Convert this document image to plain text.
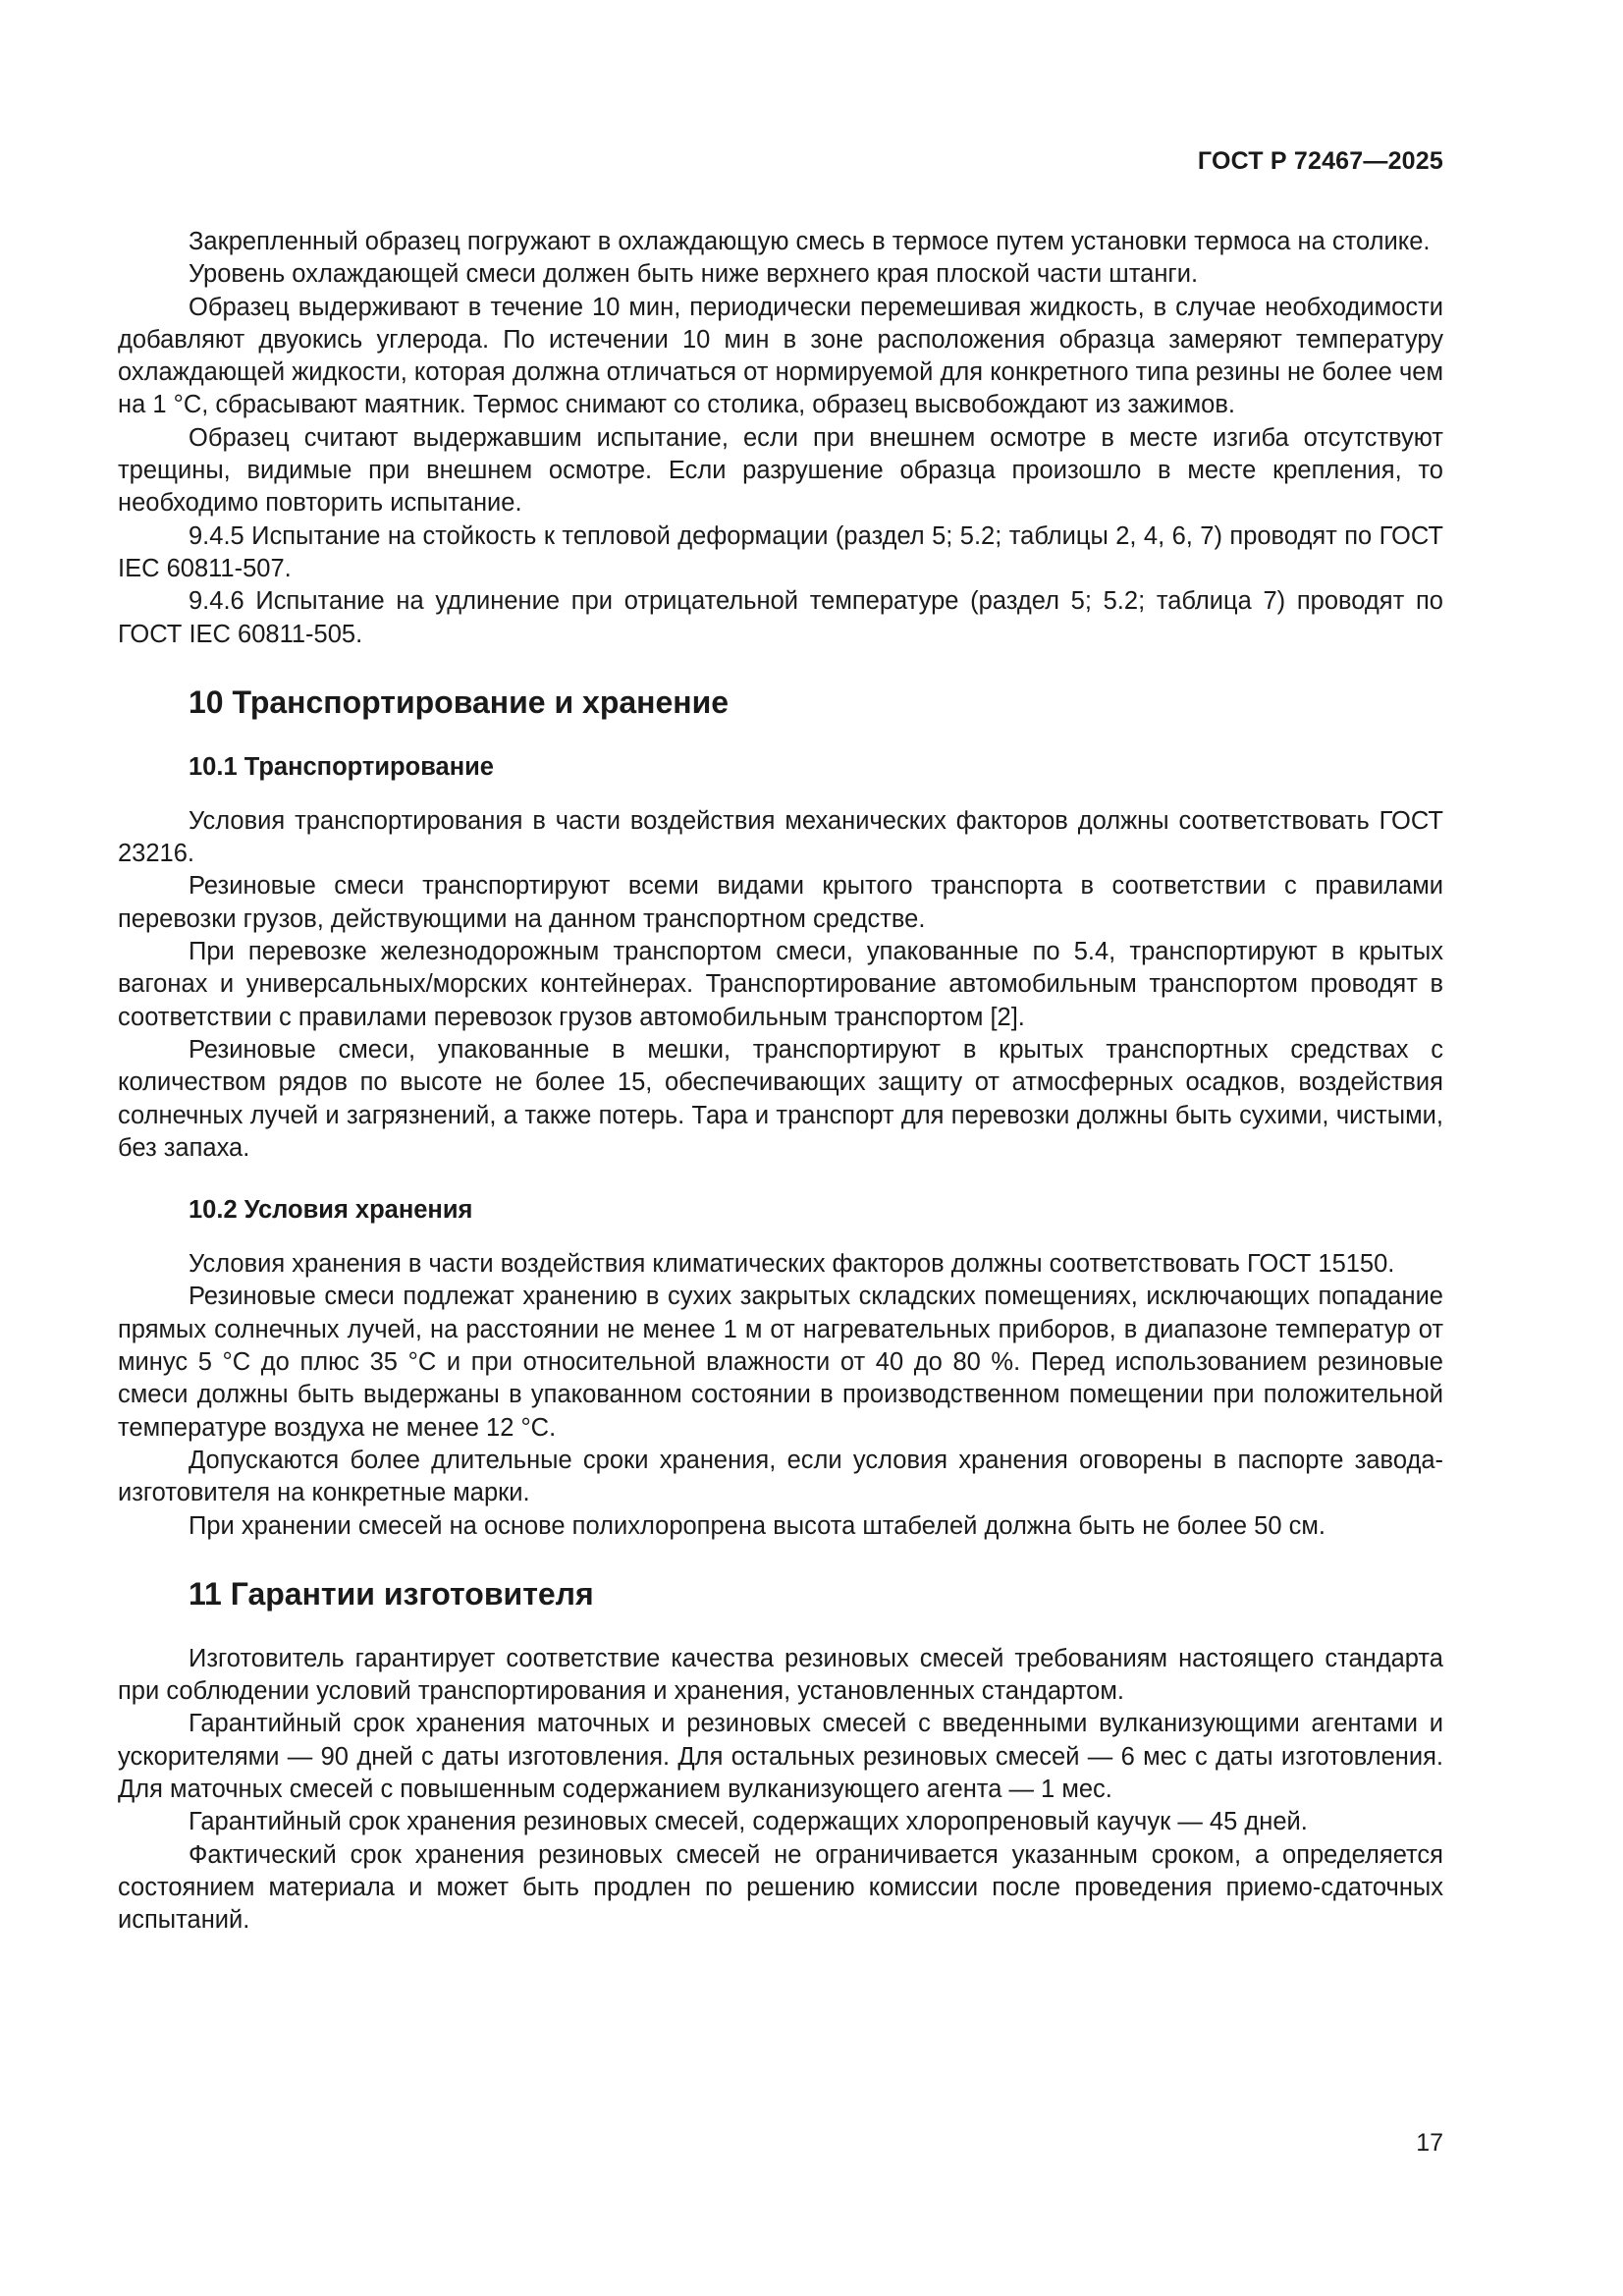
ГОСТ Р 72467—2025

Закрепленный образец погружают в охлаждающую смесь в термосе путем установки термоса на столике.

Уровень охлаждающей смеси должен быть ниже верхнего края плоской части штанги.

Образец выдерживают в течение 10 мин, периодически перемешивая жидкость, в случае необходимости добавляют двуокись углерода. По истечении 10 мин в зоне расположения образца замеряют температуру охлаждающей жидкости, которая должна отличаться от нормируемой для конкретного типа резины не более чем на 1 °C, сбрасывают маятник. Термос снимают со столика, образец высвобождают из зажимов.

Образец считают выдержавшим испытание, если при внешнем осмотре в месте изгиба отсутствуют трещины, видимые при внешнем осмотре. Если разрушение образца произошло в месте крепления, то необходимо повторить испытание.

9.4.5 Испытание на стойкость к тепловой деформации (раздел 5; 5.2; таблицы 2, 4, 6, 7) проводят по ГОСТ IEC 60811-507.

9.4.6 Испытание на удлинение при отрицательной температуре (раздел 5; 5.2; таблица 7) проводят по ГОСТ IEC 60811-505.

10 Транспортирование и хранение
10.1 Транспортирование

Условия транспортирования в части воздействия механических факторов должны соответствовать ГОСТ 23216.

Резиновые смеси транспортируют всеми видами крытого транспорта в соответствии с правилами перевозки грузов, действующими на данном транспортном средстве.

При перевозке железнодорожным транспортом смеси, упакованные по 5.4, транспортируют в крытых вагонах и универсальных/морских контейнерах. Транспортирование автомобильным транспортом проводят в соответствии с правилами перевозок грузов автомобильным транспортом [2].

Резиновые смеси, упакованные в мешки, транспортируют в крытых транспортных средствах с количеством рядов по высоте не более 15, обеспечивающих защиту от атмосферных осадков, воздействия солнечных лучей и загрязнений, а также потерь. Тара и транспорт для перевозки должны быть сухими, чистыми, без запаха.

10.2 Условия хранения

Условия хранения в части воздействия климатических факторов должны соответствовать ГОСТ 15150.

Резиновые смеси подлежат хранению в сухих закрытых складских помещениях, исключающих попадание прямых солнечных лучей, на расстоянии не менее 1 м от нагревательных приборов, в диапазоне температур от минус 5 °C до плюс 35 °C и при относительной влажности от 40 до 80 %. Перед использованием резиновые смеси должны быть выдержаны в упакованном состоянии в производственном помещении при положительной температуре воздуха не менее 12 °C.

Допускаются более длительные сроки хранения, если условия хранения оговорены в паспорте завода-изготовителя на конкретные марки.

При хранении смесей на основе полихлоропрена высота штабелей должна быть не более 50 см.

11 Гарантии изготовителя

Изготовитель гарантирует соответствие качества резиновых смесей требованиям настоящего стандарта при соблюдении условий транспортирования и хранения, установленных стандартом.

Гарантийный срок хранения маточных и резиновых смесей с введенными вулканизующими агентами и ускорителями — 90 дней с даты изготовления. Для остальных резиновых смесей — 6 мес с даты изготовления. Для маточных смесей с повышенным содержанием вулканизующего агента — 1 мес.

Гарантийный срок хранения резиновых смесей, содержащих хлоропреновый каучук — 45 дней.

Фактический срок хранения резиновых смесей не ограничивается указанным сроком, а определяется состоянием материала и может быть продлен по решению комиссии после проведения приемо-сдаточных испытаний.

17
